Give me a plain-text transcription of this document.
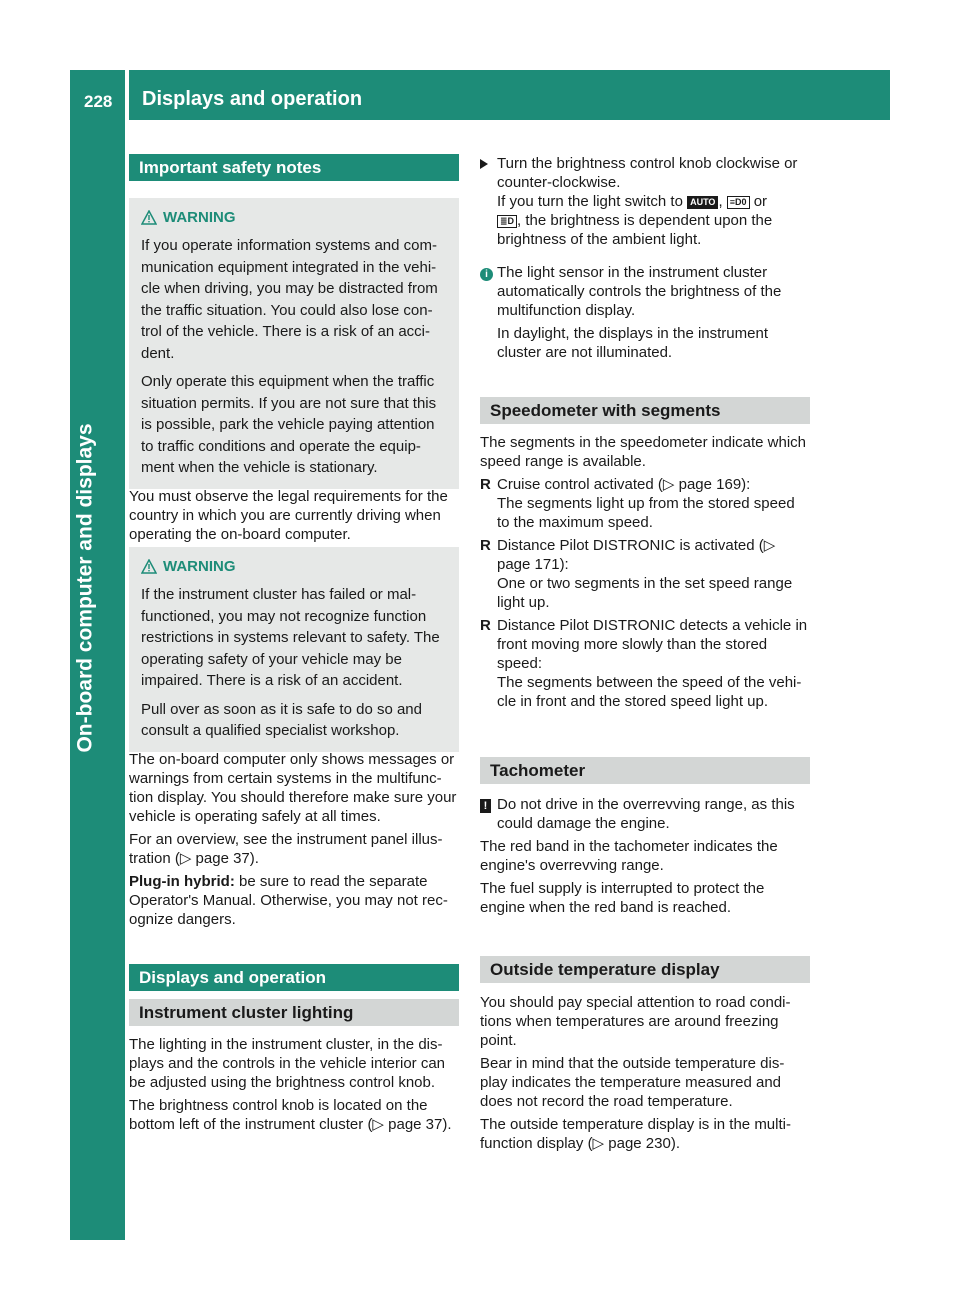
228 Displays and operation
On-board computer and displays
Important safety notes
WARNING

If you operate information systems and com-munication equipment integrated in the vehi-cle when driving, you may be distracted from the traffic situation. You could also lose con-trol of the vehicle. There is a risk of an acci-dent.

Only operate this equipment when the traffic situation permits. If you are not sure that this is possible, park the vehicle paying attention to traffic conditions and operate the equip-ment when the vehicle is stationary.

You must observe the legal requirements for the country in which you are currently driving when operating the on-board computer.

WARNING

If the instrument cluster has failed or mal-functioned, you may not recognize function restrictions in systems relevant to safety. The operating safety of your vehicle may be impaired. There is a risk of an accident.

Pull over as soon as it is safe to do so and consult a qualified specialist workshop.

The on-board computer only shows messages or warnings from certain systems in the multifunc-tion display. You should therefore make sure your vehicle is operating safely at all times.

For an overview, see the instrument panel illus-tration (▷ page 37).

Plug-in hybrid: be sure to read the separate Operator's Manual. Otherwise, you may not rec-ognize dangers.

Displays and operation
Instrument cluster lighting

The lighting in the instrument cluster, in the dis-plays and the controls in the vehicle interior can be adjusted using the brightness control knob.

The brightness control knob is located on the bottom left of the instrument cluster (▷ page 37).

Turn the brightness control knob clockwise or counter-clockwise.

If you turn the light switch to AUTO , ≡D0 or
≣D , the brightness is dependent upon the brightness of the ambient light.

i The light sensor in the instrument cluster automatically controls the brightness of the multifunction display.

In daylight, the displays in the instrument cluster are not illuminated.

Speedometer with segments

The segments in the speedometer indicate which speed range is available.

R Cruise control activated (▷ page 169):

The segments light up from the stored speed to the maximum speed.

R Distance Pilot DISTRONIC is activated (▷ page 171):

One or two segments in the set speed range light up.

R Distance Pilot DISTRONIC detects a vehicle in front moving more slowly than the stored speed:

The segments between the speed of the vehi-cle in front and the stored speed light up.

Tachometer
! Do not drive in the overrevving range, as this could damage the engine.

The red band in the tachometer indicates the engine's overrevving range.

The fuel supply is interrupted to protect the engine when the red band is reached.

Outside temperature display

You should pay special attention to road condi-tions when temperatures are around freezing point.

Bear in mind that the outside temperature dis-play indicates the temperature measured and does not record the road temperature.

The outside temperature display is in the multi-function display (▷ page 230).
